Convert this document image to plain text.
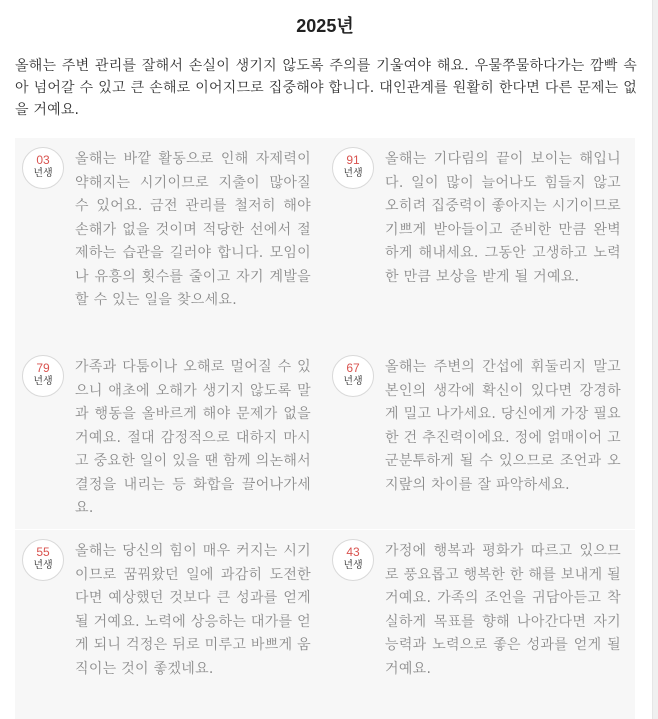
2025년
올해는 주변 관리를 잘해서 손실이 생기지 않도록 주의를 기울여야 해요. 우물쭈물하다가는 깜빡 속아 넘어갈 수 있고 큰 손해로 이어지므로 집중해야 합니다. 대인관계를 원활히 한다면 다른 문제는 없을 거예요.
03
년생
올해는 바깥 활동으로 인해 자제력이 약해지는 시기이므로 지출이 많아질 수 있어요. 금전 관리를 철저히 해야 손해가 없을 것이며 적당한 선에서 절제하는 습관을 길러야 합니다. 모임이나 유흥의 횟수를 줄이고 자기 계발을 할 수 있는 일을 찾으세요.
91
년생
올해는 기다림의 끝이 보이는 해입니다. 일이 많이 늘어나도 힘들지 않고 오히려 집중력이 좋아지는 시기이므로 기쁘게 받아들이고 준비한 만큼 완벽하게 해내세요. 그동안 고생하고 노력한 만큼 보상을 받게 될 거예요.
79
년생
가족과 다툼이나 오해로 멀어질 수 있으니 애초에 오해가 생기지 않도록 말과 행동을 올바르게 해야 문제가 없을 거예요. 절대 감정적으로 대하지 마시고 중요한 일이 있을 땐 함께 의논해서 결정을 내리는 등 화합을 끌어나가세요.
67
년생
올해는 주변의 간섭에 휘둘리지 말고 본인의 생각에 확신이 있다면 강경하게 밀고 나가세요. 당신에게 가장 필요한 건 추진력이에요. 정에 얽매이어 고군분투하게 될 수 있으므로 조언과 오지랖의 차이를 잘 파악하세요.
55
년생
올해는 당신의 힘이 매우 커지는 시기이므로 꿈꿔왔던 일에 과감히 도전한다면 예상했던 것보다 큰 성과를 얻게 될 거예요. 노력에 상응하는 대가를 얻게 되니 걱정은 뒤로 미루고 바쁘게 움직이는 것이 좋겠네요.
43
년생
가정에 행복과 평화가 따르고 있으므로 풍요롭고 행복한 한 해를 보내게 될 거예요. 가족의 조언을 귀담아듣고 착실하게 목표를 향해 나아간다면 자기 능력과 노력으로 좋은 성과를 얻게 될 거예요.
